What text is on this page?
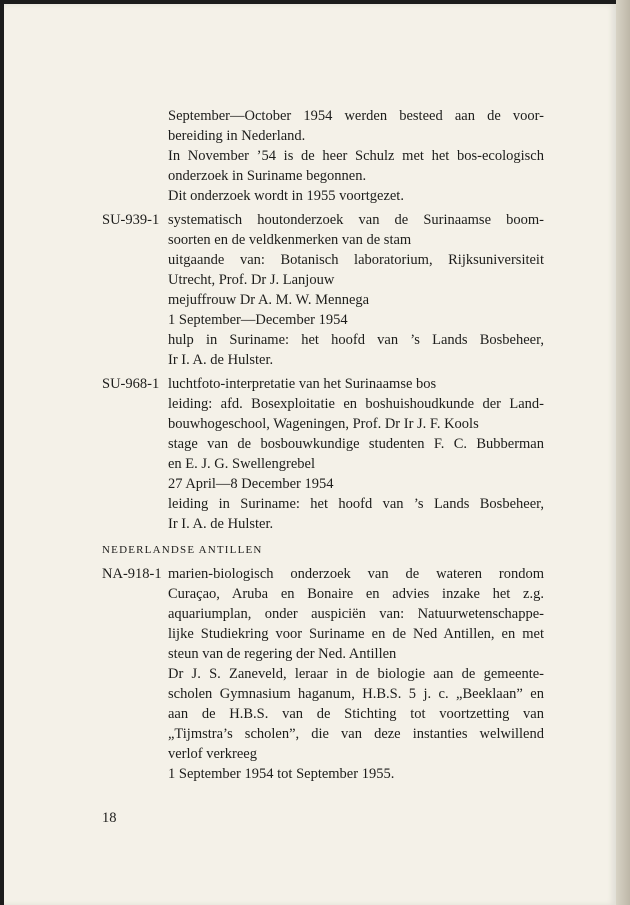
September—October 1954 werden besteed aan de voor-
bereiding in Nederland.
In November ’54 is de heer Schulz met het bos-ecologisch
onderzoek in Suriname begonnen.
Dit onderzoek wordt in 1955 voortgezet.
SU-939-1 systematisch houtonderzoek van de Surinaamse boom-
soorten en de veldkenmerken van de stam
uitgaande van: Botanisch laboratorium, Rijksuniversiteit
Utrecht, Prof. Dr J. Lanjouw
mejuffrouw Dr A. M. W. Mennega
1 September—December 1954
hulp in Suriname: het hoofd van ’s Lands Bosbeheer,
Ir I. A. de Hulster.
SU-968-1 luchtfoto-interpretatie van het Surinaamse bos
leiding: afd. Bosexploitatie en boshuishoudkunde der Land-
bouwhogeschool, Wageningen, Prof. Dr Ir J. F. Kools
stage van de bosbouwkundige studenten F. C. Bubberman
en E. J. G. Swellengrebel
27 April—8 December 1954
leiding in Suriname: het hoofd van ’s Lands Bosbeheer,
Ir I. A. de Hulster.
NEDERLANDSE ANTILLEN
NA-918-1 marien-biologisch onderzoek van de wateren rondom
Curaçao, Aruba en Bonaire en advies inzake het z.g.
aquariumplan, onder auspiciën van: Natuurwetenschappe-
lijke Studiekring voor Suriname en de Ned Antillen, en met
steun van de regering der Ned. Antillen
Dr J. S. Zaneveld, leraar in de biologie aan de gemeente-
scholen Gymnasium haganum, H.B.S. 5 j. c. „Beeklaan” en
aan de H.B.S. van de Stichting tot voortzetting van
„Tijmstra’s scholen”, die van deze instanties welwillend
verlof verkreeg
1 September 1954 tot September 1955.
18
